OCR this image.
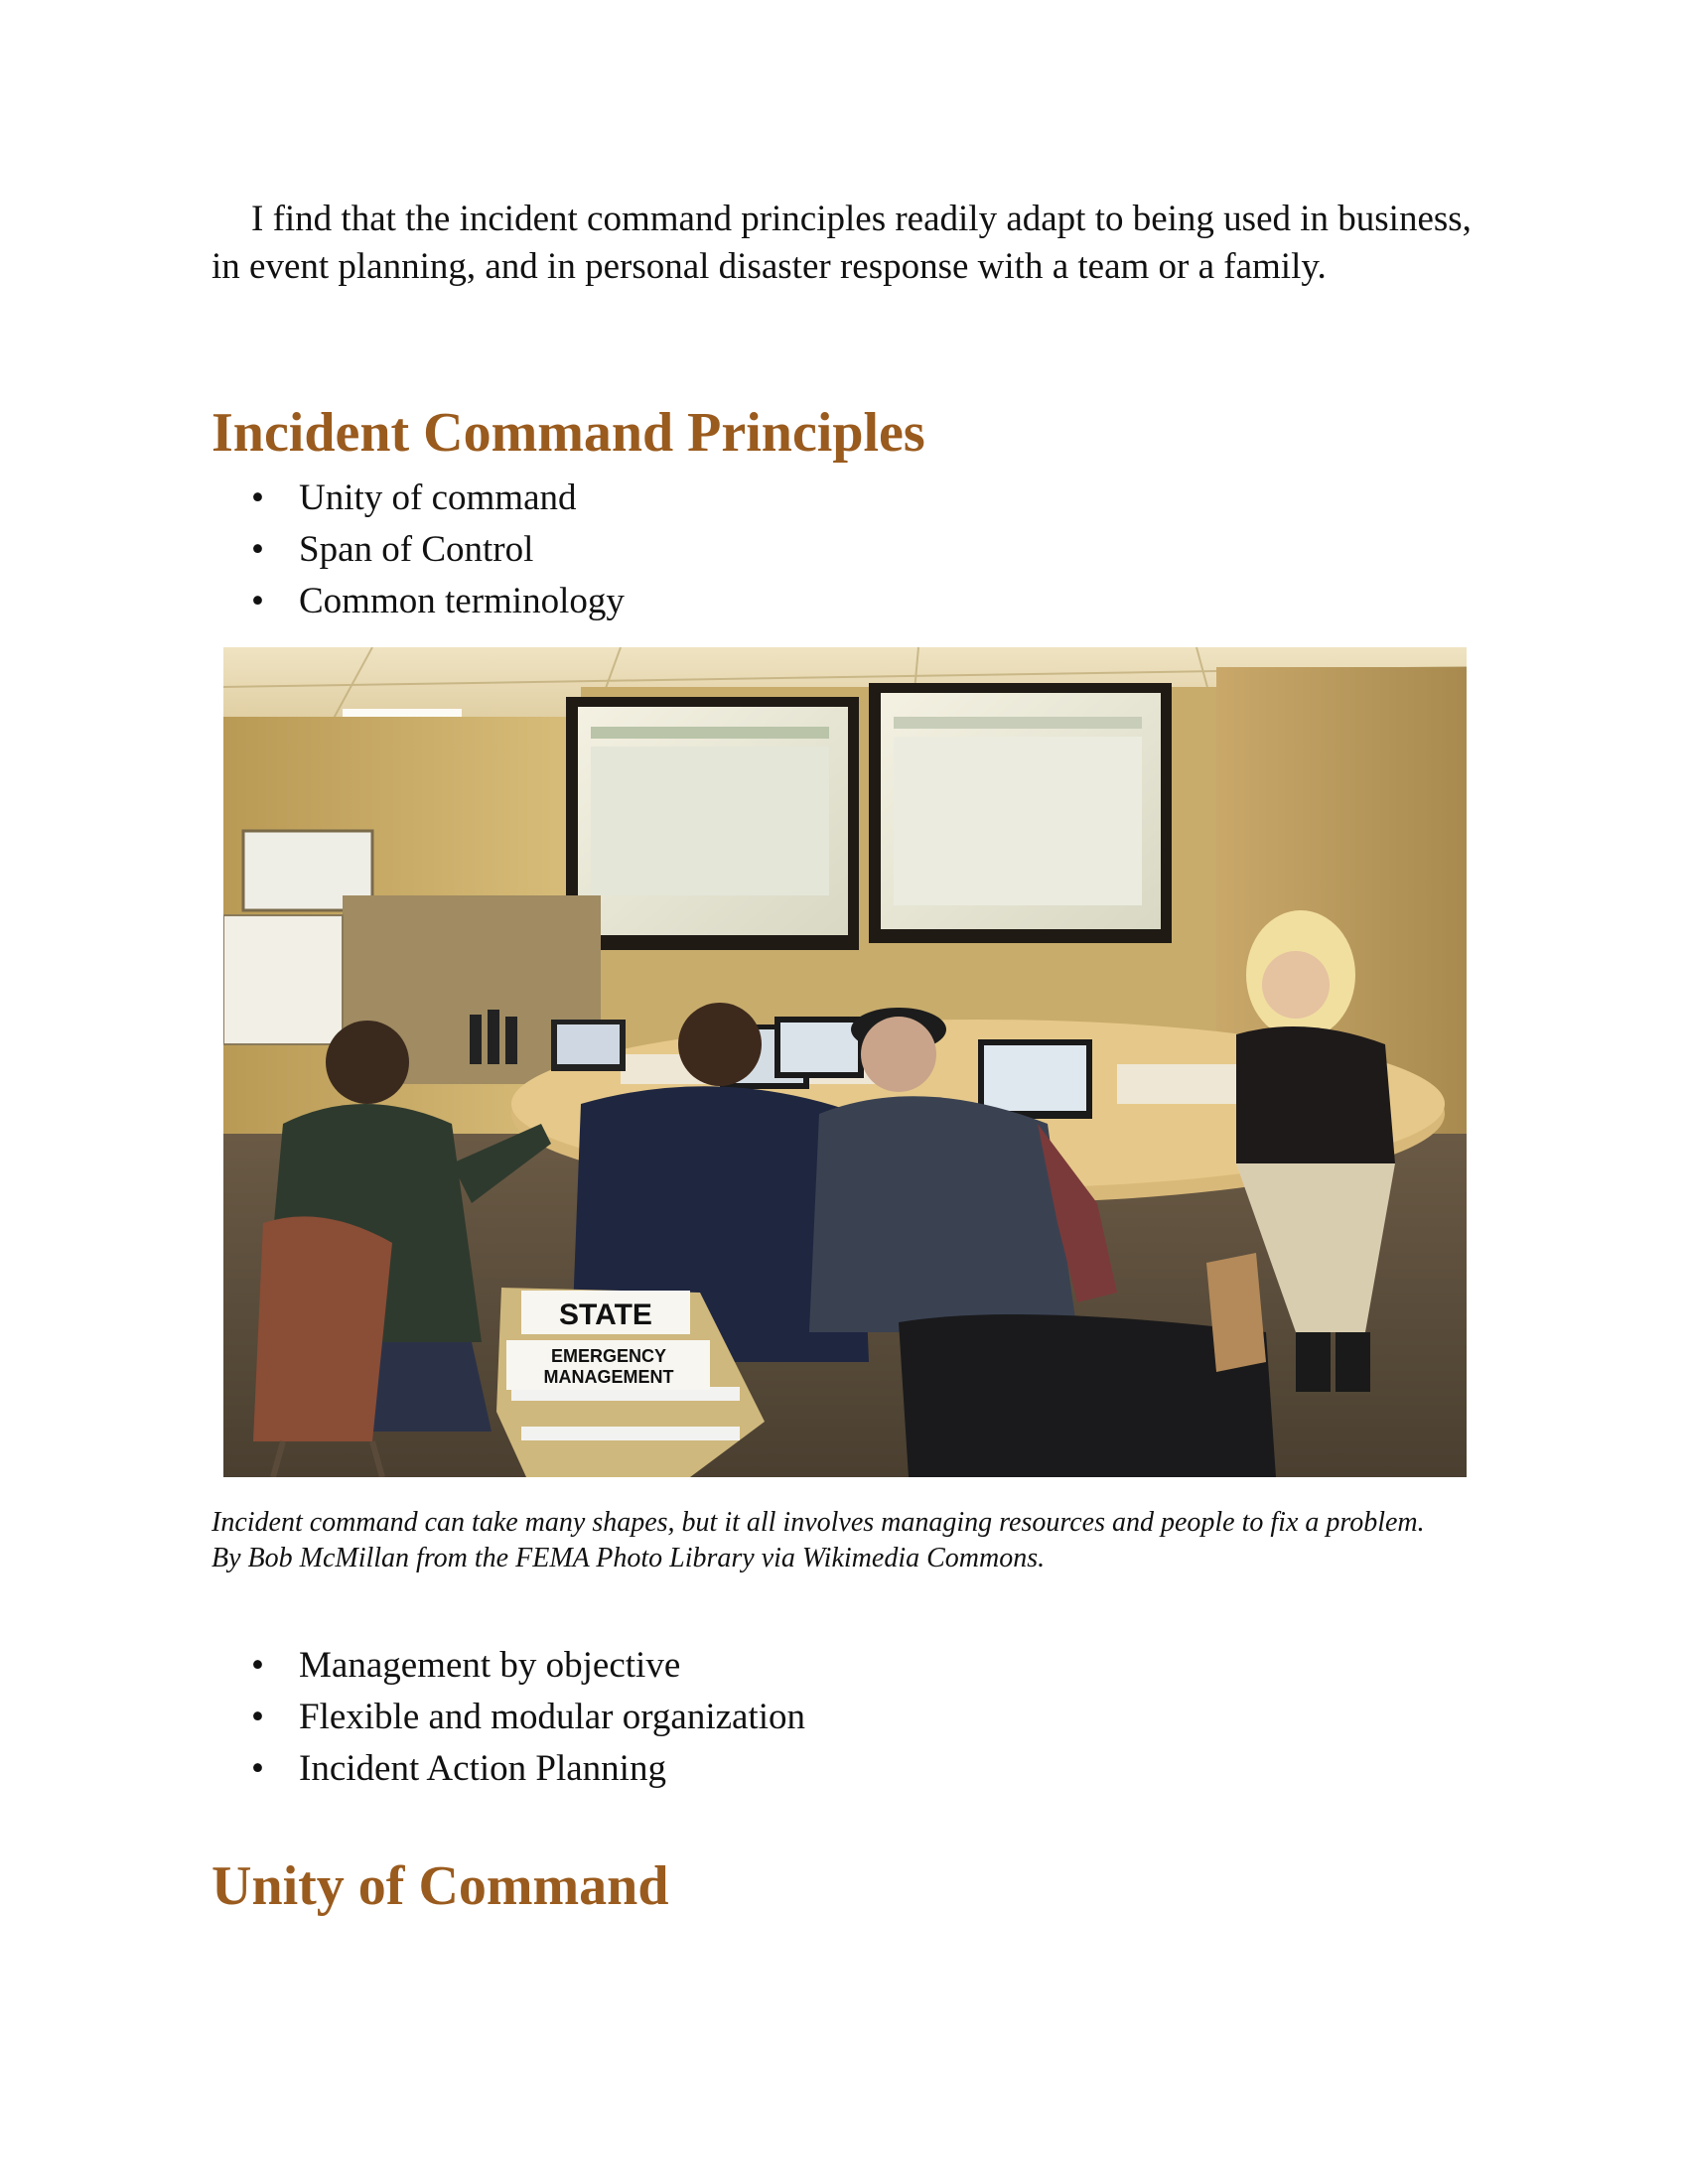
I find that the incident command principles readily adapt to being used in business, in event planning, and in personal disaster response with a team or a family.

Incident Command Principles
• Unity of command
• Span of Control
• Common terminology
STATE
EMERGENCY
MANAGEMENT

Incident command can take many shapes, but it all involves managing resources and people to fix a problem.
By Bob McMillan from the FEMA Photo Library via Wikimedia Commons.

• Management by objective
• Flexible and modular organization
• Incident Action Planning
Unity of Command
